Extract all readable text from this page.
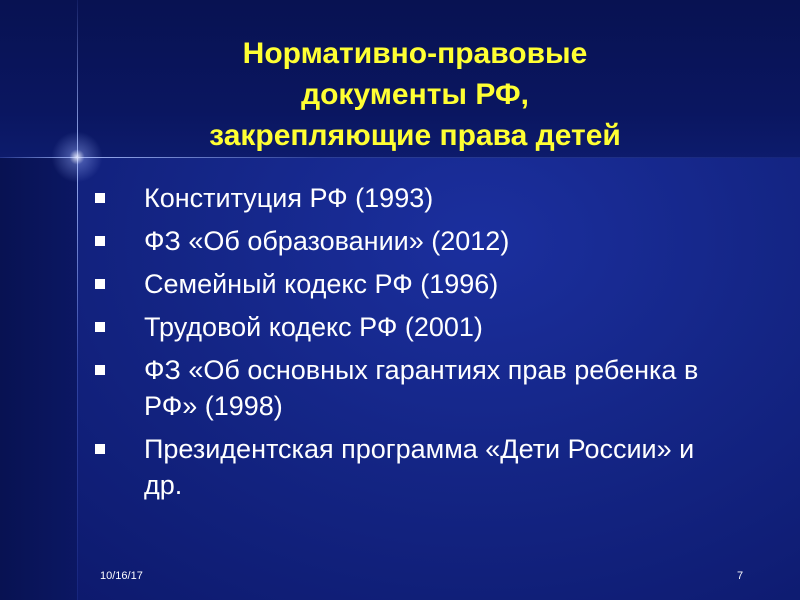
Нормативно-правовые
документы РФ,
закрепляющие права детей
Конституция РФ (1993)
ФЗ «Об образовании» (2012)
Семейный кодекс РФ (1996)
Трудовой кодекс РФ (2001)
ФЗ «Об основных гарантиях прав ребенка в РФ» (1998)
Президентская программа «Дети России» и др.
10/16/17	7
